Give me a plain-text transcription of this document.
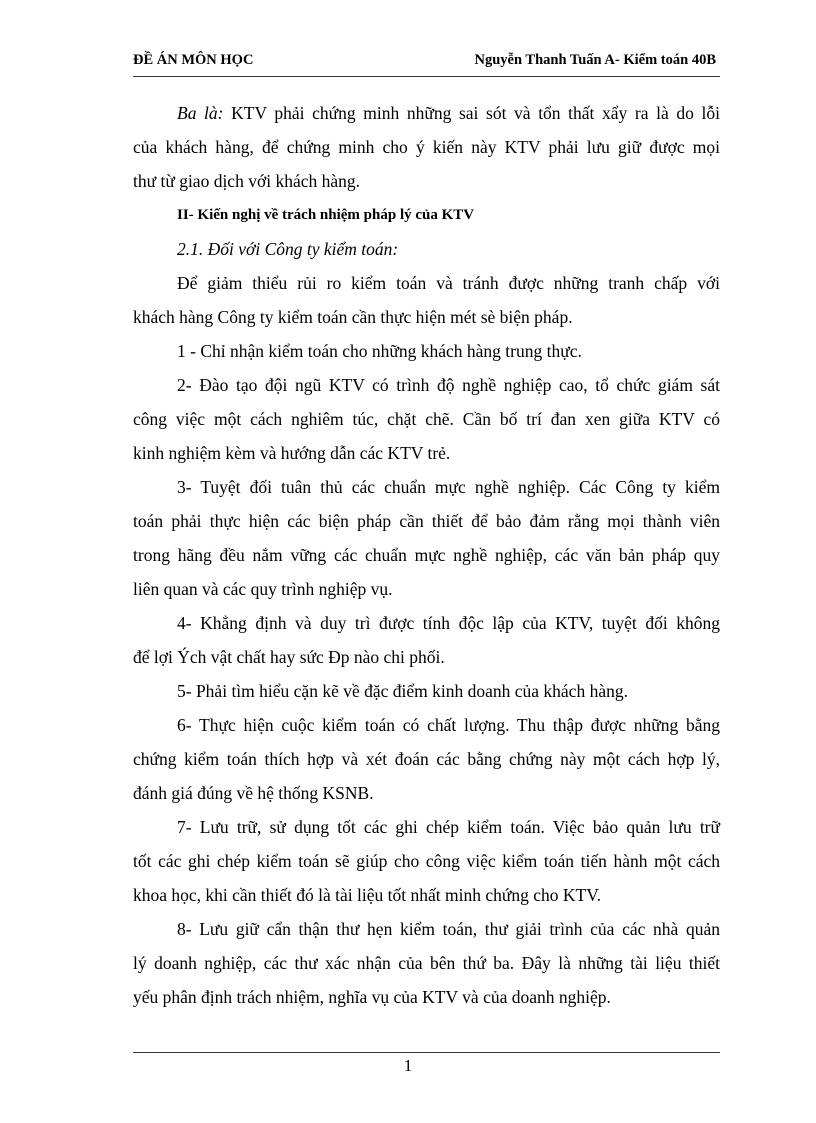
ĐỀ ÁN MÔN HỌC	Nguyễn Thanh Tuấn A- Kiểm toán 40B
Ba là: KTV phải chứng minh những sai sót và tổn thất xẩy ra là do lỗi
của khách hàng, để chứng minh cho ý kiến này KTV phải lưu giữ được mọi
thư từ giao dịch với khách hàng.
II- Kiến nghị về trách nhiệm pháp lý của KTV
2.1. Đối với Công ty kiểm toán:
Để giảm thiểu rủi ro kiểm toán và tránh được những tranh chấp với
khách hàng Công ty kiểm toán cần thực hiện mét sè biện pháp.
1 - Chỉ nhận kiểm toán cho những khách hàng trung thực.
2- Đào tạo đội ngũ KTV có trình độ nghề nghiệp cao, tổ chức giám sát
công việc một cách nghiêm túc, chặt chẽ. Cần bố trí đan xen giữa KTV có
kinh nghiệm kèm và hướng dẫn các KTV trẻ.
3- Tuyệt đối tuân thủ các chuẩn mực nghề nghiệp. Các Công ty kiểm
toán phải thực hiện các biện pháp cần thiết để bảo đảm rằng mọi thành viên
trong hãng đều nắm vững các chuẩn mực nghề nghiệp, các văn bản pháp quy
liên quan và các quy trình nghiệp vụ.
4- Khẳng định và duy trì được tính độc lập của KTV, tuyệt đối không
để lợi Ých vật chất hay sức Ðp nào chi phối.
5- Phải tìm hiểu cặn kẽ về đặc điểm kinh doanh của khách hàng.
6- Thực hiện cuộc kiểm toán có chất lượng. Thu thập được những bằng
chứng kiểm toán thích hợp và xét đoán các bằng chứng này một cách hợp lý,
đánh giá đúng về hệ thống KSNB.
7- Lưu trữ, sử dụng tốt các ghi chép kiểm toán. Việc bảo quản lưu trữ
tốt các ghi chép kiểm toán sẽ giúp cho công việc kiểm toán tiến hành một cách
khoa học, khi cần thiết đó là tài liệu tốt nhất minh chứng cho KTV.
8- Lưu giữ cẩn thận thư hẹn kiểm toán, thư giải trình của các nhà quản
lý doanh nghiệp, các thư xác nhận của bên thứ ba. Đây là những tài liệu thiết
yếu phân định trách nhiệm, nghĩa vụ của KTV và của doanh nghiệp.
1
